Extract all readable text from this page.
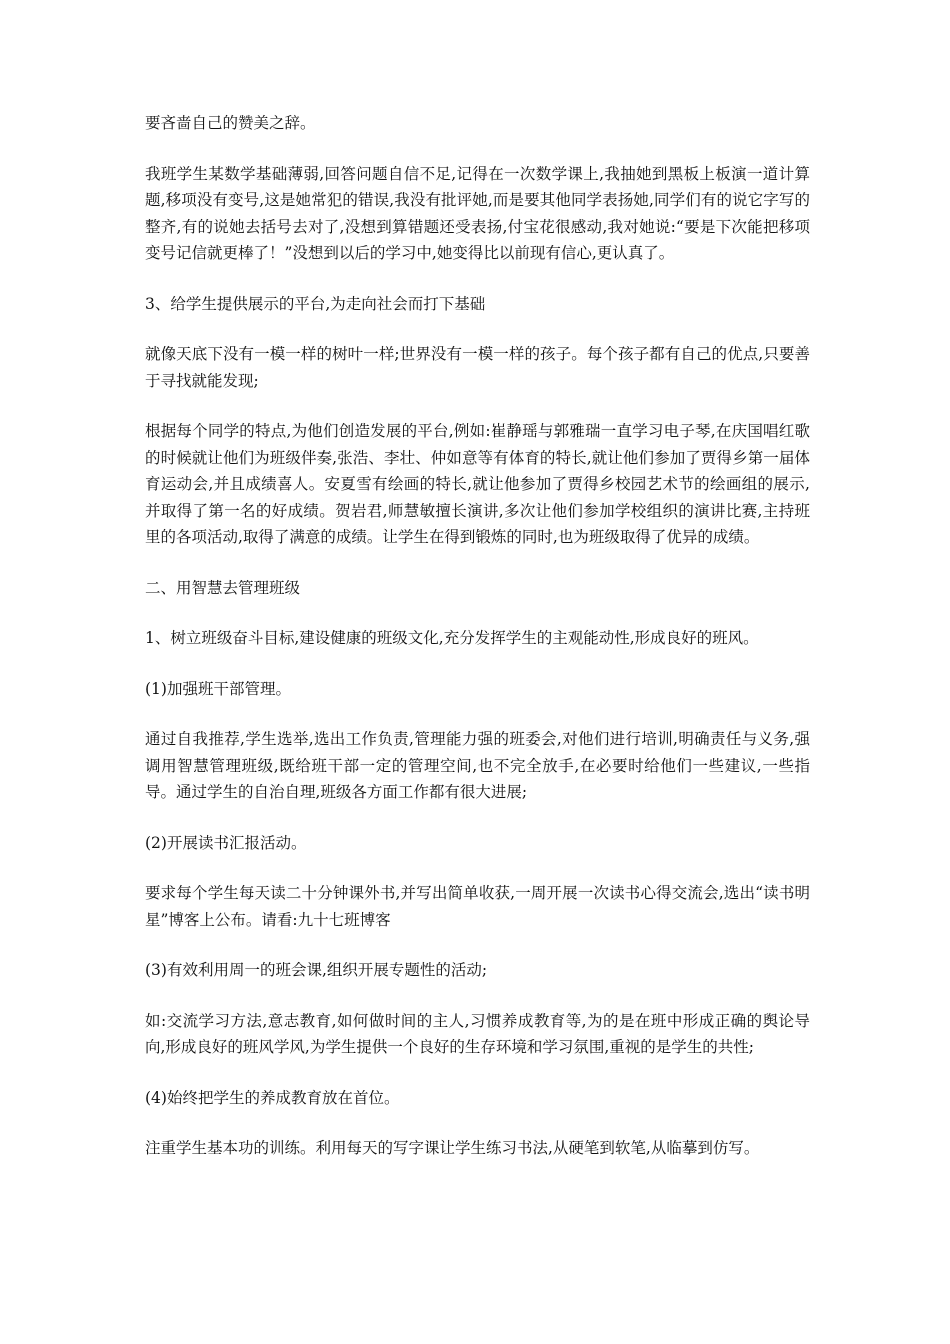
要吝啬自己的赞美之辞。

我班学生某数学基础薄弱,回答问题自信不足,记得在一次数学课上,我抽她到黑板上板演一道计算题,移项没有变号,这是她常犯的错误,我没有批评她,而是要其他同学表扬她,同学们有的说它字写的整齐,有的说她去括号去对了,没想到算错题还受表扬,付宝花很感动,我对她说:“要是下次能把移项变号记信就更棒了！”没想到以后的学习中,她变得比以前现有信心,更认真了。

3、给学生提供展示的平台,为走向社会而打下基础

就像天底下没有一模一样的树叶一样;世界没有一模一样的孩子。每个孩子都有自己的优点,只要善于寻找就能发现;

根据每个同学的特点,为他们创造发展的平台,例如:崔静瑶与郭雅瑞一直学习电子琴,在庆国唱红歌的时候就让他们为班级伴奏,张浩、李壮、仲如意等有体育的特长,就让他们参加了贾得乡第一届体育运动会,并且成绩喜人。安夏雪有绘画的特长,就让他参加了贾得乡校园艺术节的绘画组的展示,并取得了第一名的好成绩。贺岩君,师慧敏擅长演讲,多次让他们参加学校组织的演讲比赛,主持班里的各项活动,取得了满意的成绩。让学生在得到锻炼的同时,也为班级取得了优异的成绩。

二、用智慧去管理班级

1、树立班级奋斗目标,建设健康的班级文化,充分发挥学生的主观能动性,形成良好的班风。

(1)加强班干部管理。

通过自我推荐,学生选举,选出工作负责,管理能力强的班委会,对他们进行培训,明确责任与义务,强调用智慧管理班级,既给班干部一定的管理空间,也不完全放手,在必要时给他们一些建议,一些指导。通过学生的自治自理,班级各方面工作都有很大进展;

(2)开展读书汇报活动。

要求每个学生每天读二十分钟课外书,并写出简单收获,一周开展一次读书心得交流会,选出“读书明星”博客上公布。请看:九十七班博客

(3)有效利用周一的班会课,组织开展专题性的活动;

如:交流学习方法,意志教育,如何做时间的主人,习惯养成教育等,为的是在班中形成正确的舆论导向,形成良好的班风学风,为学生提供一个良好的生存环境和学习氛围,重视的是学生的共性;

(4)始终把学生的养成教育放在首位。

注重学生基本功的训练。利用每天的写字课让学生练习书法,从硬笔到软笔,从临摹到仿写。
